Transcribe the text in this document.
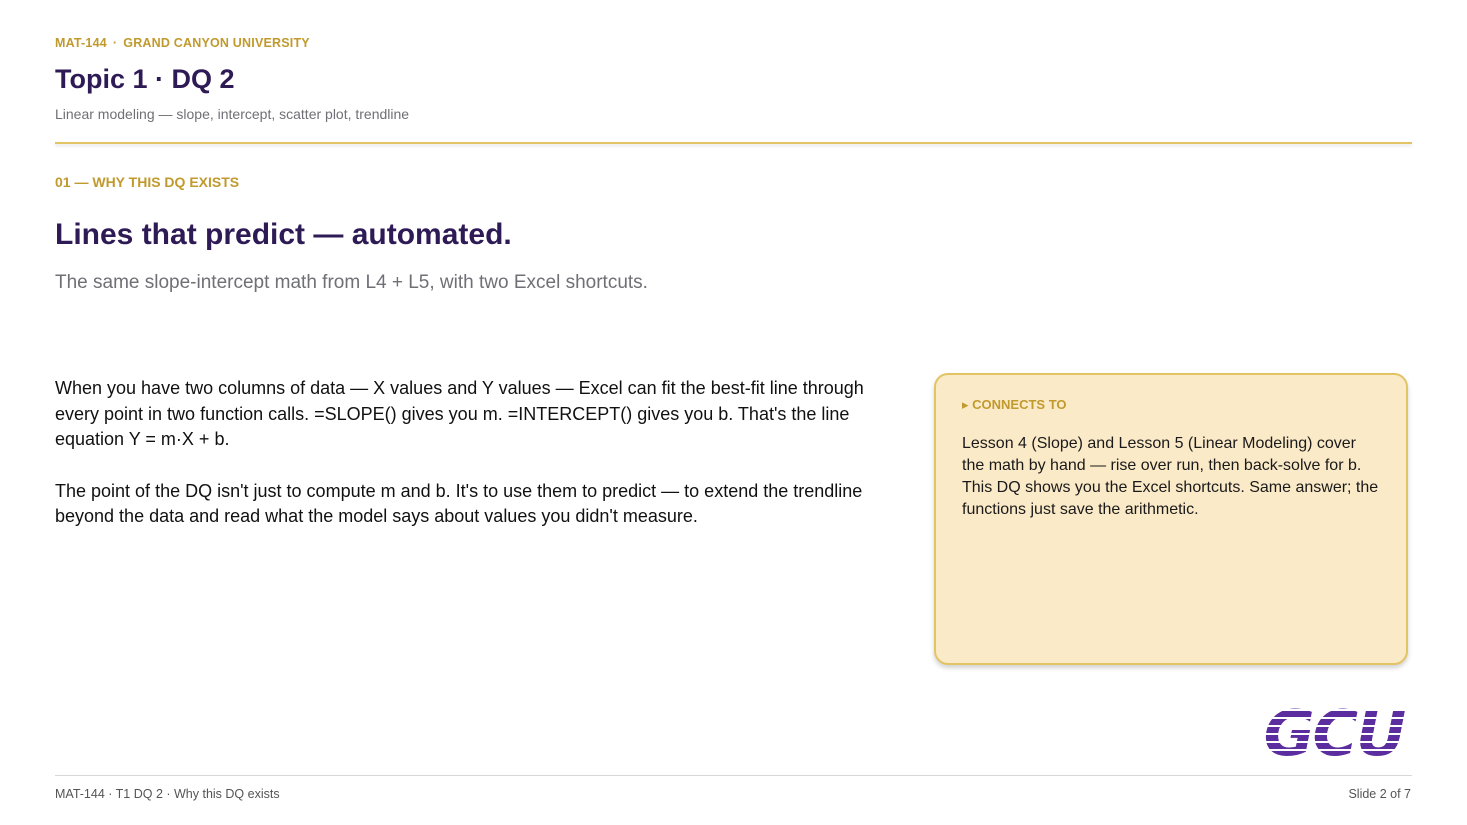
MAT-144 · GRAND CANYON UNIVERSITY
Topic 1 · DQ 2
Linear modeling — slope, intercept, scatter plot, trendline
01 — WHY THIS DQ EXISTS
Lines that predict — automated.
The same slope-intercept math from L4 + L5, with two Excel shortcuts.

When you have two columns of data — X values and Y values — Excel can fit the best-fit line through every point in two function calls. =SLOPE() gives you m. =INTERCEPT() gives you b. That's the line equation Y = m·X + b.

The point of the DQ isn't just to compute m and b. It's to use them to predict — to extend the trendline beyond the data and read what the model says about values you didn't measure.

▸ CONNECTS TO
Lesson 4 (Slope) and Lesson 5 (Linear Modeling) cover the math by hand — rise over run, then back-solve for b. This DQ shows you the Excel shortcuts. Same answer; the functions just save the arithmetic.
GCU
MAT-144 · T1 DQ 2 · Why this DQ exists	Slide 2 of 7
